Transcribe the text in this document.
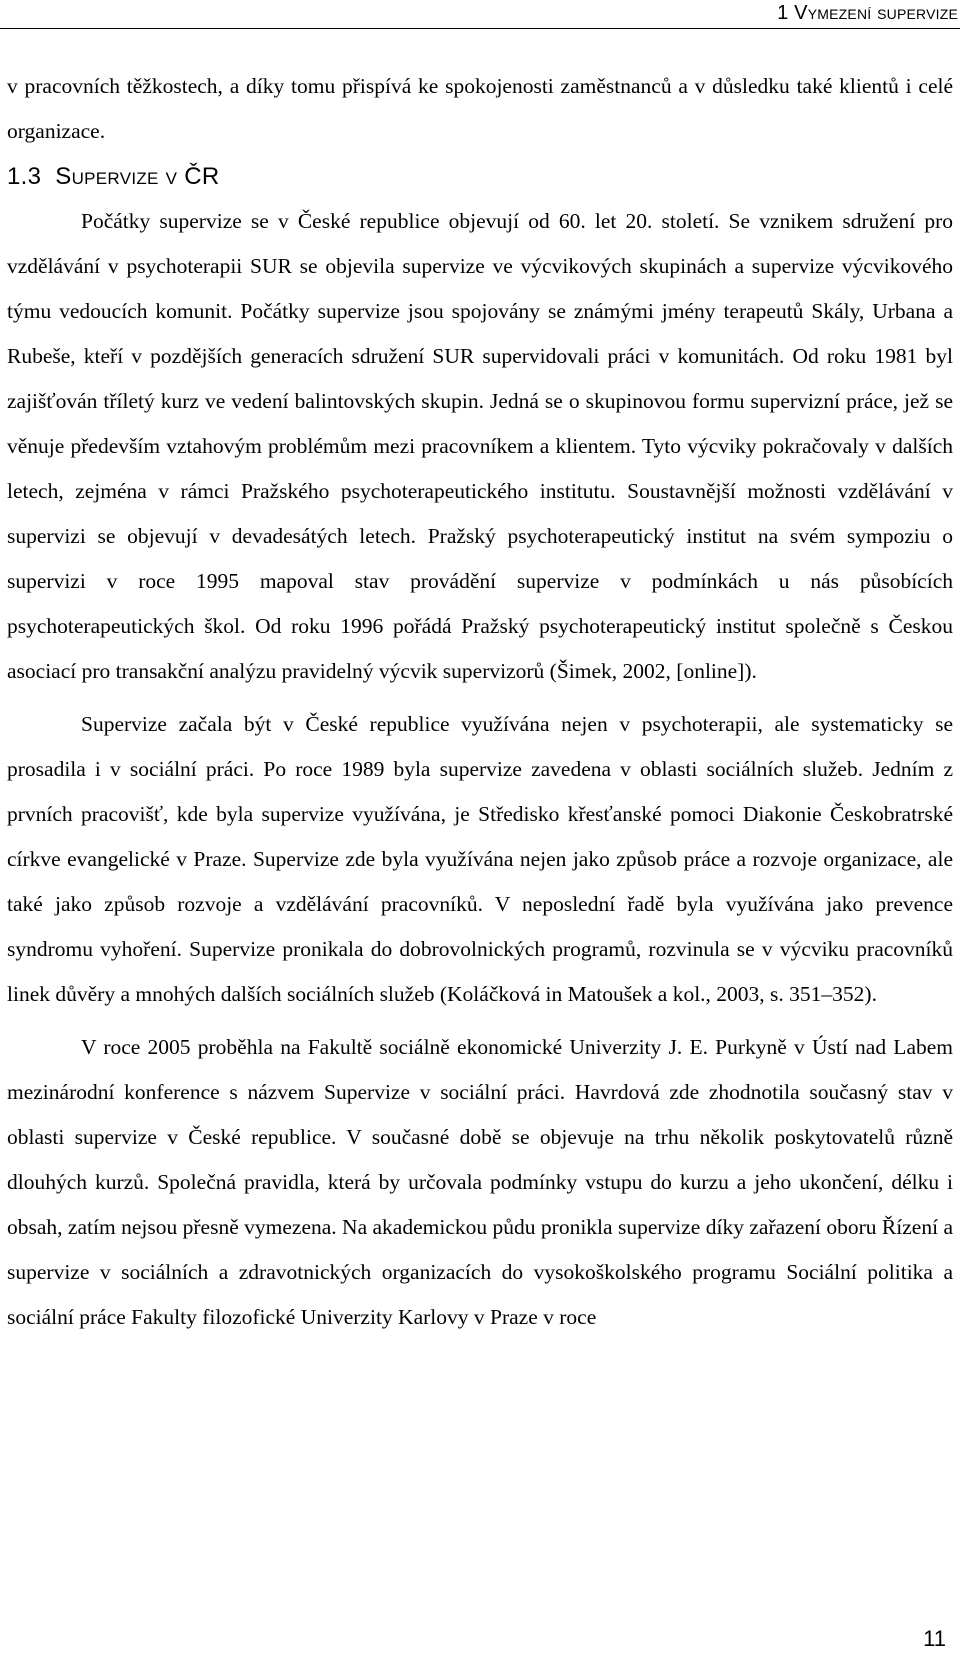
1 Vymezení supervize

v pracovních těžkostech, a díky tomu přispívá ke spokojenosti zaměstnanců a v důsledku také klientů i celé organizace.

1.3 Supervize v ČR

Počátky supervize se v České republice objevují od 60. let 20. století. Se vznikem sdružení pro vzdělávání v psychoterapii SUR se objevila supervize ve výcvikových skupinách a supervize výcvikového týmu vedoucích komunit. Počátky supervize jsou spojovány se známými jmény terapeutů Skály, Urbana a Rubeše, kteří v pozdějších generacích sdružení SUR supervidovali práci v komunitách. Od roku 1981 byl zajišťován tříletý kurz ve vedení balintovských skupin. Jedná se o skupinovou formu supervizní práce, jež se věnuje především vztahovým problémům mezi pracovníkem a klientem. Tyto výcviky pokračovaly v dalších letech, zejména v rámci Pražského psychoterapeutického institutu. Soustavnější možnosti vzdělávání v supervizi se objevují v devadesátých letech. Pražský psychoterapeutický institut na svém sympoziu o supervizi v roce 1995 mapoval stav provádění supervize v podmínkách u nás působících psychoterapeutických škol. Od roku 1996 pořádá Pražský psychoterapeutický institut společně s Českou asociací pro transakční analýzu pravidelný výcvik supervizorů (Šimek, 2002, [online]).

Supervize začala být v České republice využívána nejen v psychoterapii, ale systematicky se prosadila i v sociální práci. Po roce 1989 byla supervize zavedena v oblasti sociálních služeb. Jedním z prvních pracovišť, kde byla supervize využívána, je Středisko křesťanské pomoci Diakonie Českobratrské církve evangelické v Praze. Supervize zde byla využívána nejen jako způsob práce a rozvoje organizace, ale také jako způsob rozvoje a vzdělávání pracovníků. V neposlední řadě byla využívána jako prevence syndromu vyhoření. Supervize pronikala do dobrovolnických programů, rozvinula se v výcviku pracovníků linek důvěry a mnohých dalších sociálních služeb (Koláčková in Matoušek a kol., 2003, s. 351–352).

V roce 2005 proběhla na Fakultě sociálně ekonomické Univerzity J. E. Purkyně v Ústí nad Labem mezinárodní konference s názvem Supervize v sociální práci. Havrdová zde zhodnotila současný stav v oblasti supervize v České republice. V současné době se objevuje na trhu několik poskytovatelů různě dlouhých kurzů. Společná pravidla, která by určovala podmínky vstupu do kurzu a jeho ukončení, délku i obsah, zatím nejsou přesně vymezena. Na akademickou půdu pronikla supervize díky zařazení oboru Řízení a supervize v sociálních a zdravotnických organizacích do vysokoškolského programu Sociální politika a sociální práce Fakulty filozofické Univerzity Karlovy v Praze v roce

11
